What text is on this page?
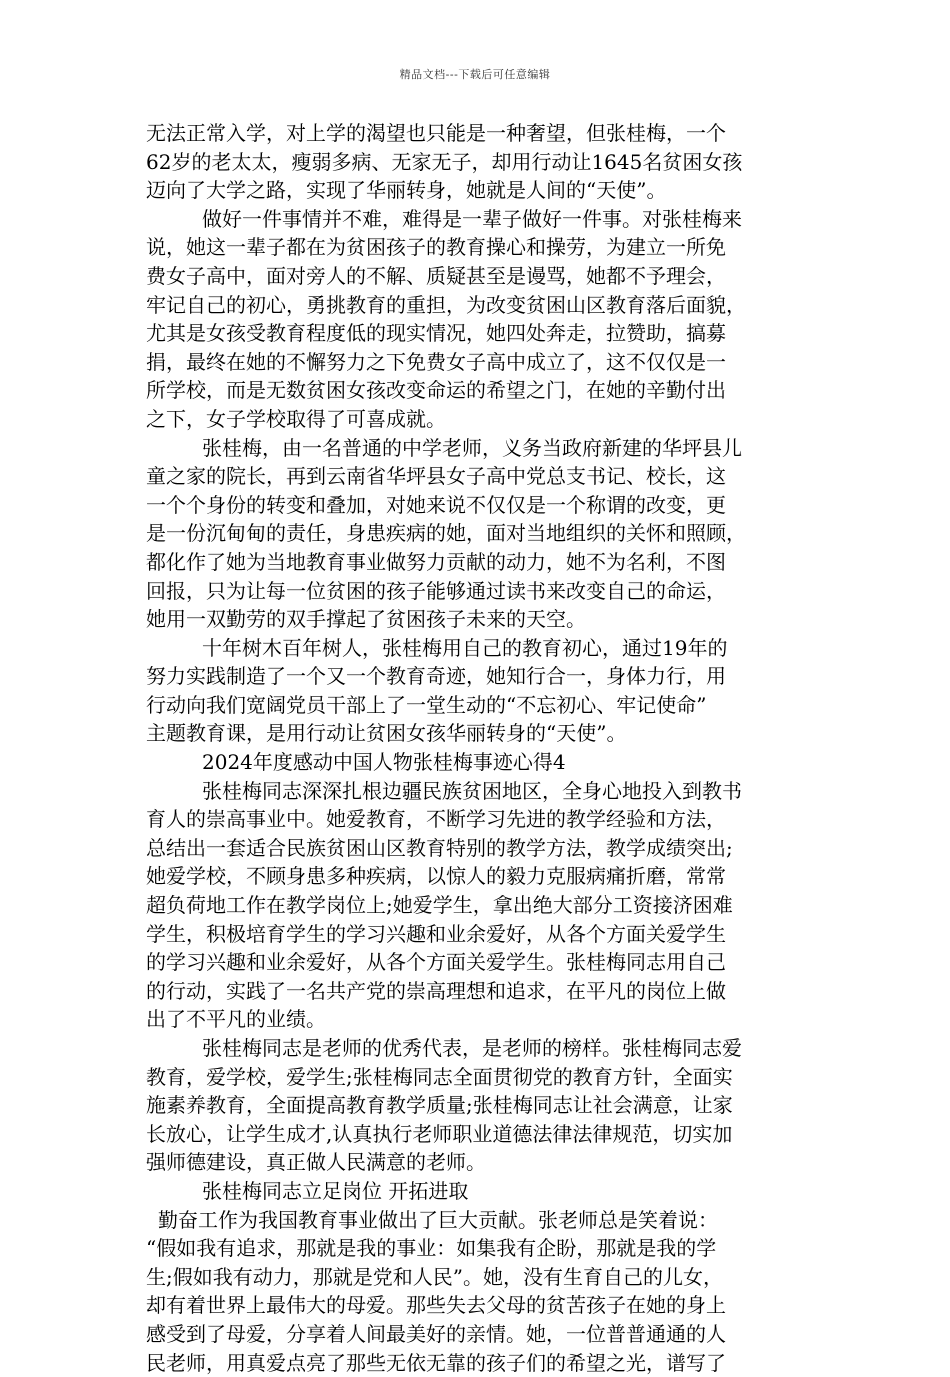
精品文档---下载后可任意编辑
无法正常入学，对上学的渴望也只能是一种奢望，但张桂梅，一个
62岁的老太太，瘦弱多病、无家无子，却用行动让1645名贫困女孩
迈向了大学之路，实现了华丽转身，她就是人间的“天使”。
做好一件事情并不难，难得是一辈子做好一件事。对张桂梅来
说，她这一辈子都在为贫困孩子的教育操心和操劳，为建立一所免
费女子高中，面对旁人的不解、质疑甚至是谩骂，她都不予理会，
牢记自己的初心，勇挑教育的重担，为改变贫困山区教育落后面貌，
尤其是女孩受教育程度低的现实情况，她四处奔走，拉赞助，搞募
捐，最终在她的不懈努力之下免费女子高中成立了，这不仅仅是一
所学校，而是无数贫困女孩改变命运的希望之门，在她的辛勤付出
之下，女子学校取得了可喜成就。
张桂梅，由一名普通的中学老师，义务当政府新建的华坪县儿
童之家的院长，再到云南省华坪县女子高中党总支书记、校长，这
一个个身份的转变和叠加，对她来说不仅仅是一个称谓的改变，更
是一份沉甸甸的责任，身患疾病的她，面对当地组织的关怀和照顾，
都化作了她为当地教育事业做努力贡献的动力，她不为名利，不图
回报，只为让每一位贫困的孩子能够通过读书来改变自己的命运，
她用一双勤劳的双手撑起了贫困孩子未来的天空。
十年树木百年树人，张桂梅用自己的教育初心，通过19年的
努力实践制造了一个又一个教育奇迹，她知行合一，身体力行，用
行动向我们宽阔党员干部上了一堂生动的“不忘初心、牢记使命”
主题教育课，是用行动让贫困女孩华丽转身的“天使”。
2024年度感动中国人物张桂梅事迹心得4
张桂梅同志深深扎根边疆民族贫困地区，全身心地投入到教书
育人的崇高事业中。她爱教育，不断学习先进的教学经验和方法，
总结出一套适合民族贫困山区教育特别的教学方法，教学成绩突出;
她爱学校，不顾身患多种疾病，以惊人的毅力克服病痛折磨，常常
超负荷地工作在教学岗位上;她爱学生，拿出绝大部分工资接济困难
学生，积极培育学生的学习兴趣和业余爱好，从各个方面关爱学生
的学习兴趣和业余爱好，从各个方面关爱学生。张桂梅同志用自己
的行动，实践了一名共产党的崇高理想和追求，在平凡的岗位上做
出了不平凡的业绩。
张桂梅同志是老师的优秀代表，是老师的榜样。张桂梅同志爱
教育，爱学校，爱学生;张桂梅同志全面贯彻党的教育方针，全面实
施素养教育，全面提高教育教学质量;张桂梅同志让社会满意，让家
长放心，让学生成才,认真执行老师职业道德法律法律规范，切实加
强师德建设，真正做人民满意的老师。
张桂梅同志立足岗位 开拓进取
勤奋工作为我国教育事业做出了巨大贡献。张老师总是笑着说：
“假如我有追求，那就是我的事业：如集我有企盼，那就是我的学
生;假如我有动力，那就是党和人民”。她，没有生育自己的儿女，
却有着世界上最伟大的母爱。那些失去父母的贫苦孩子在她的身上
感受到了母爱，分享着人间最美好的亲情。她，一位普普通通的人
民老师，用真爱点亮了那些无依无靠的孩子们的希望之光，谱写了
